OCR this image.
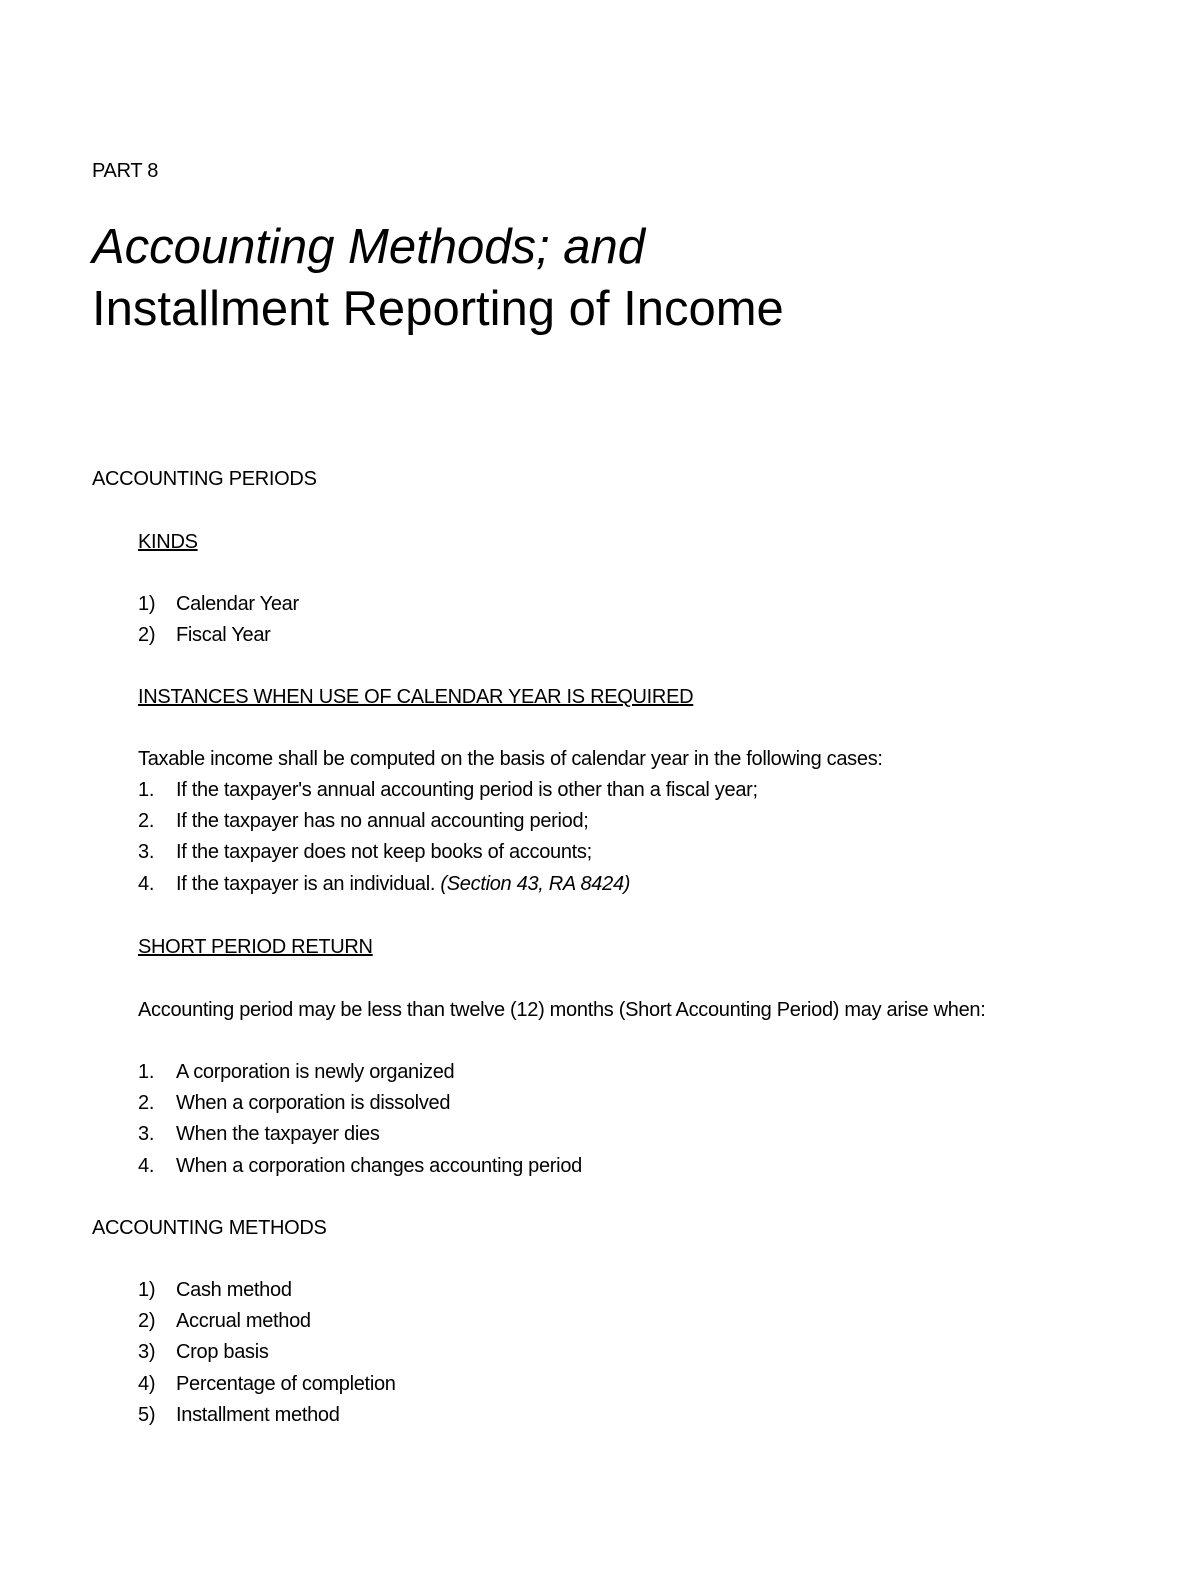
PART 8
Accounting Methods; and
Installment Reporting of Income
ACCOUNTING PERIODS
KINDS
1) Calendar Year
2) Fiscal Year
INSTANCES WHEN USE OF CALENDAR YEAR IS REQUIRED
Taxable income shall be computed on the basis of calendar year in the following cases:
1. If the taxpayer's annual accounting period is other than a fiscal year;
2. If the taxpayer has no annual accounting period;
3. If the taxpayer does not keep books of accounts;
4. If the taxpayer is an individual. (Section 43, RA 8424)
SHORT PERIOD RETURN
Accounting period may be less than twelve (12) months (Short Accounting Period) may arise when:
1. A corporation is newly organized
2. When a corporation is dissolved
3. When the taxpayer dies
4. When a corporation changes accounting period
ACCOUNTING METHODS
1) Cash method
2) Accrual method
3) Crop basis
4) Percentage of completion
5) Installment method
